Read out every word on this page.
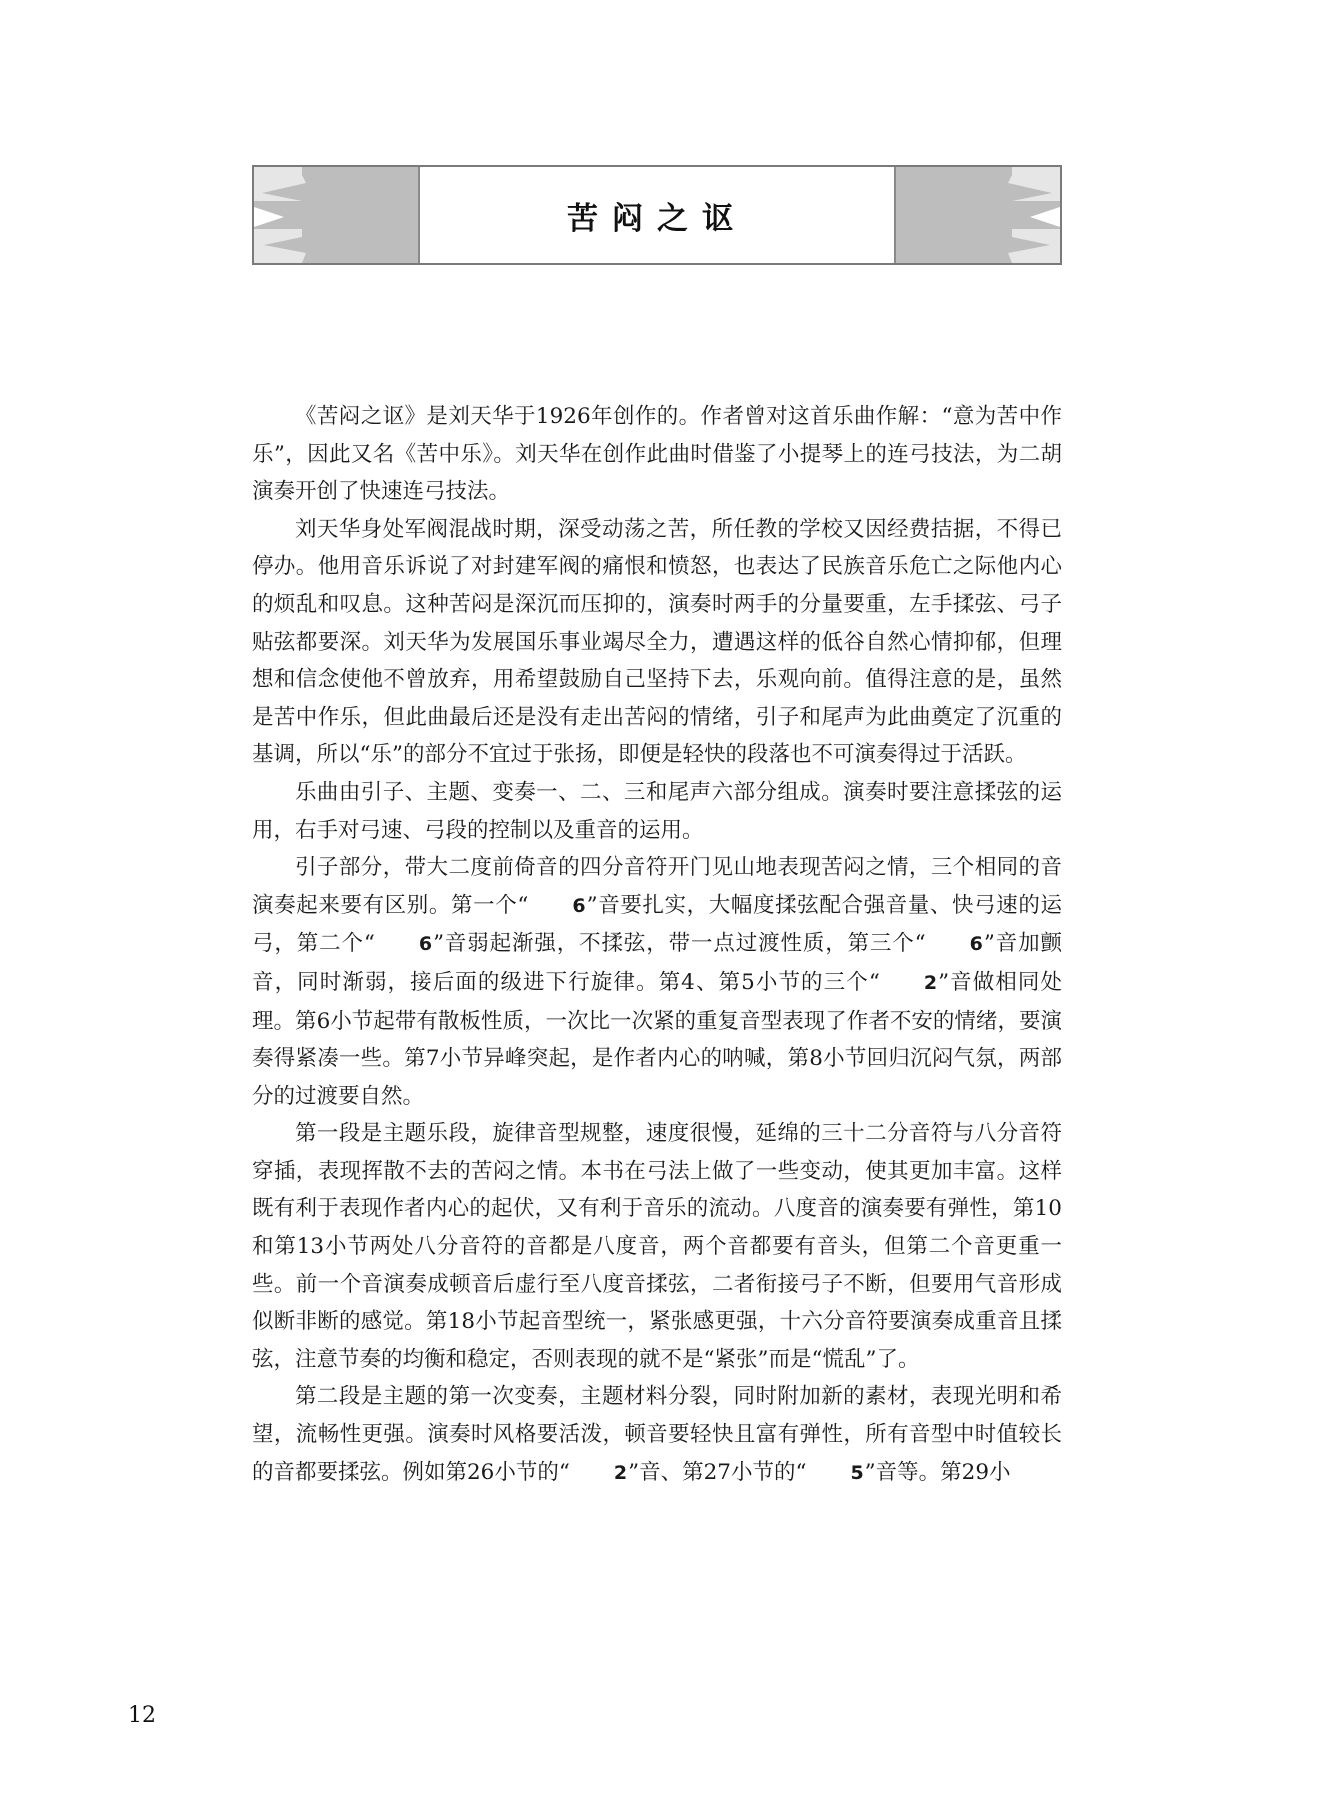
苦闷之讴

《苦闷之讴》是刘天华于1926年创作的。作者曾对这首乐曲作解：“意为苦中作乐”，因此又名《苦中乐》。刘天华在创作此曲时借鉴了小提琴上的连弓技法，为二胡演奏开创了快速连弓技法。

刘天华身处军阀混战时期，深受动荡之苦，所任教的学校又因经费拮据，不得已停办。他用音乐诉说了对封建军阀的痛恨和愤怒，也表达了民族音乐危亡之际他内心的烦乱和叹息。这种苦闷是深沉而压抑的，演奏时两手的分量要重，左手揉弦、弓子贴弦都要深。刘天华为发展国乐事业竭尽全力，遭遇这样的低谷自然心情抑郁，但理想和信念使他不曾放弃，用希望鼓励自己坚持下去，乐观向前。值得注意的是，虽然是苦中作乐，但此曲最后还是没有走出苦闷的情绪，引子和尾声为此曲奠定了沉重的基调，所以“乐”的部分不宜过于张扬，即便是轻快的段落也不可演奏得过于活跃。

乐曲由引子、主题、变奏一、二、三和尾声六部分组成。演奏时要注意揉弦的运用，右手对弓速、弓段的控制以及重音的运用。

引子部分，带大二度前倚音的四分音符开门见山地表现苦闷之情，三个相同的音演奏起来要有区别。第一个“ 6”音要扎实，大幅度揉弦配合强音量、快弓速的运弓，第二个“ 6”音弱起渐强，不揉弦，带一点过渡性质，第三个“ 6”音加颤音，同时渐弱，接后面的级进下行旋律。第4、第5小节的三个“ 2”音做相同处理。第6小节起带有散板性质，一次比一次紧的重复音型表现了作者不安的情绪，要演奏得紧凑一些。第7小节异峰突起，是作者内心的呐喊，第8小节回归沉闷气氛，两部分的过渡要自然。

第一段是主题乐段，旋律音型规整，速度很慢，延绵的三十二分音符与八分音符穿插，表现挥散不去的苦闷之情。本书在弓法上做了一些变动，使其更加丰富。这样既有利于表现作者内心的起伏，又有利于音乐的流动。八度音的演奏要有弹性，第10和第13小节两处八分音符的音都是八度音，两个音都要有音头，但第二个音更重一些。前一个音演奏成顿音后虚行至八度音揉弦，二者衔接弓子不断，但要用气音形成似断非断的感觉。第18小节起音型统一，紧张感更强，十六分音符要演奏成重音且揉弦，注意节奏的均衡和稳定，否则表现的就不是“紧张”而是“慌乱”了。

第二段是主题的第一次变奏，主题材料分裂，同时附加新的素材，表现光明和希望，流畅性更强。演奏时风格要活泼，顿音要轻快且富有弹性，所有音型中时值较长的音都要揉弦。例如第26小节的“ 2”音、第27小节的“ 5”音等。第29小

12
